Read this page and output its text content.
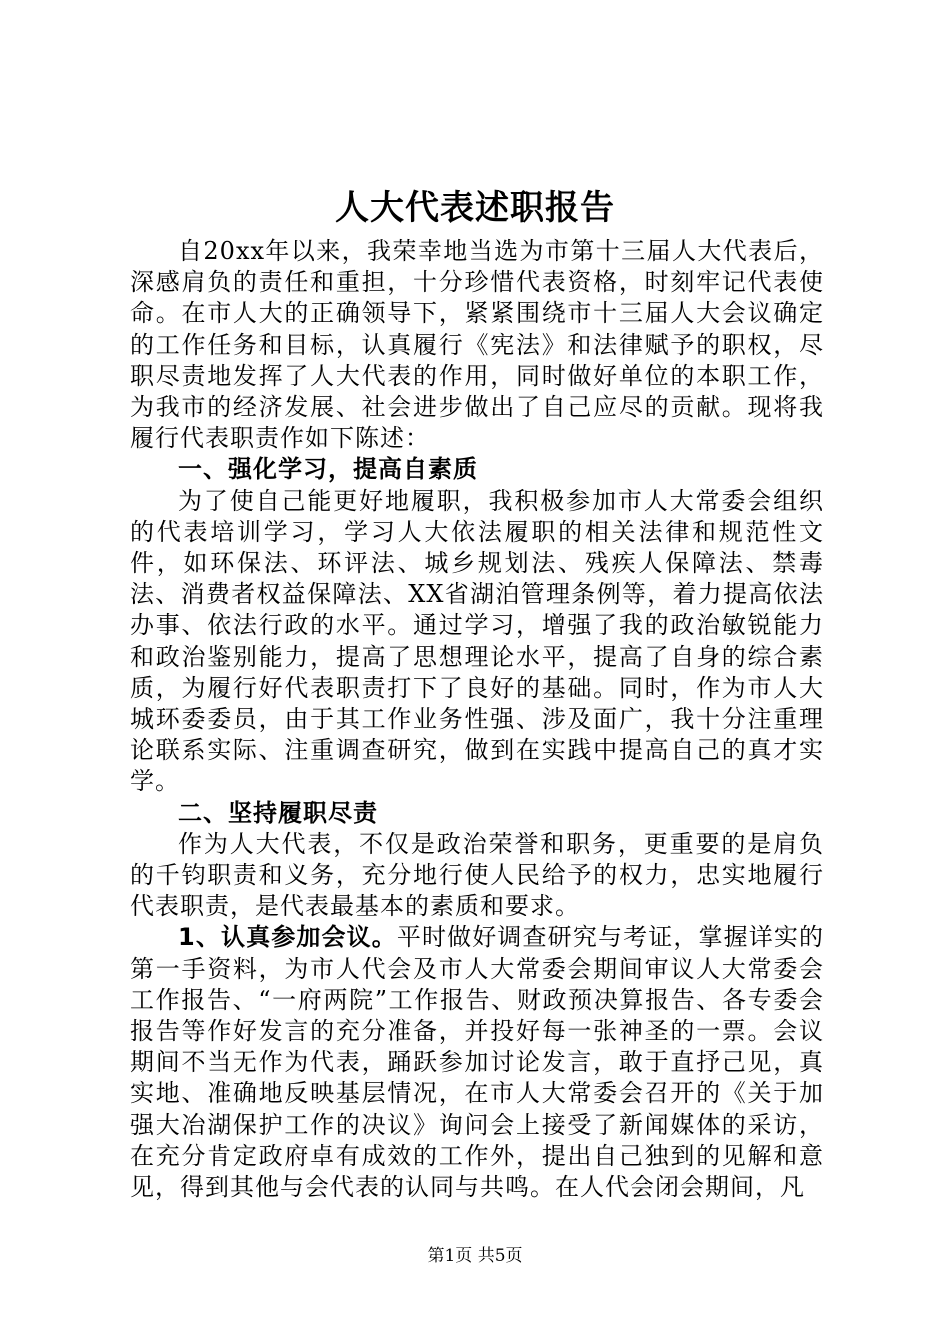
人大代表述职报告

自20xx年以来，我荣幸地当选为市第十三届人大代表后，深感肩负的责任和重担，十分珍惜代表资格，时刻牢记代表使命。在市人大的正确领导下，紧紧围绕市十三届人大会议确定的工作任务和目标，认真履行《宪法》和法律赋予的职权，尽职尽责地发挥了人大代表的作用，同时做好单位的本职工作，为我市的经济发展、社会进步做出了自己应尽的贡献。现将我履行代表职责作如下陈述：

一、强化学习，提高自素质

为了使自己能更好地履职，我积极参加市人大常委会组织的代表培训学习，学习人大依法履职的相关法律和规范性文件，如环保法、环评法、城乡规划法、残疾人保障法、禁毒法、消费者权益保障法、XX省湖泊管理条例等，着力提高依法办事、依法行政的水平。通过学习，增强了我的政治敏锐能力和政治鉴别能力，提高了思想理论水平，提高了自身的综合素质，为履行好代表职责打下了良好的基础。同时，作为市人大城环委委员，由于其工作业务性强、涉及面广，我十分注重理论联系实际、注重调查研究，做到在实践中提高自己的真才实学。

二、坚持履职尽责

作为人大代表，不仅是政治荣誉和职务，更重要的是肩负的千钧职责和义务，充分地行使人民给予的权力，忠实地履行代表职责，是代表最基本的素质和要求。

1、认真参加会议。平时做好调查研究与考证，掌握详实的第一手资料，为市人代会及市人大常委会期间审议人大常委会工作报告、“一府两院”工作报告、财政预决算报告、各专委会报告等作好发言的充分准备，并投好每一张神圣的一票。会议期间不当无作为代表，踊跃参加讨论发言，敢于直抒己见，真实地、准确地反映基层情况，在市人大常委会召开的《关于加强大冶湖保护工作的决议》询问会上接受了新闻媒体的采访，在充分肯定政府卓有成效的工作外，提出自己独到的见解和意见，得到其他与会代表的认同与共鸣。在人代会闭会期间，凡

第1页 共5页
